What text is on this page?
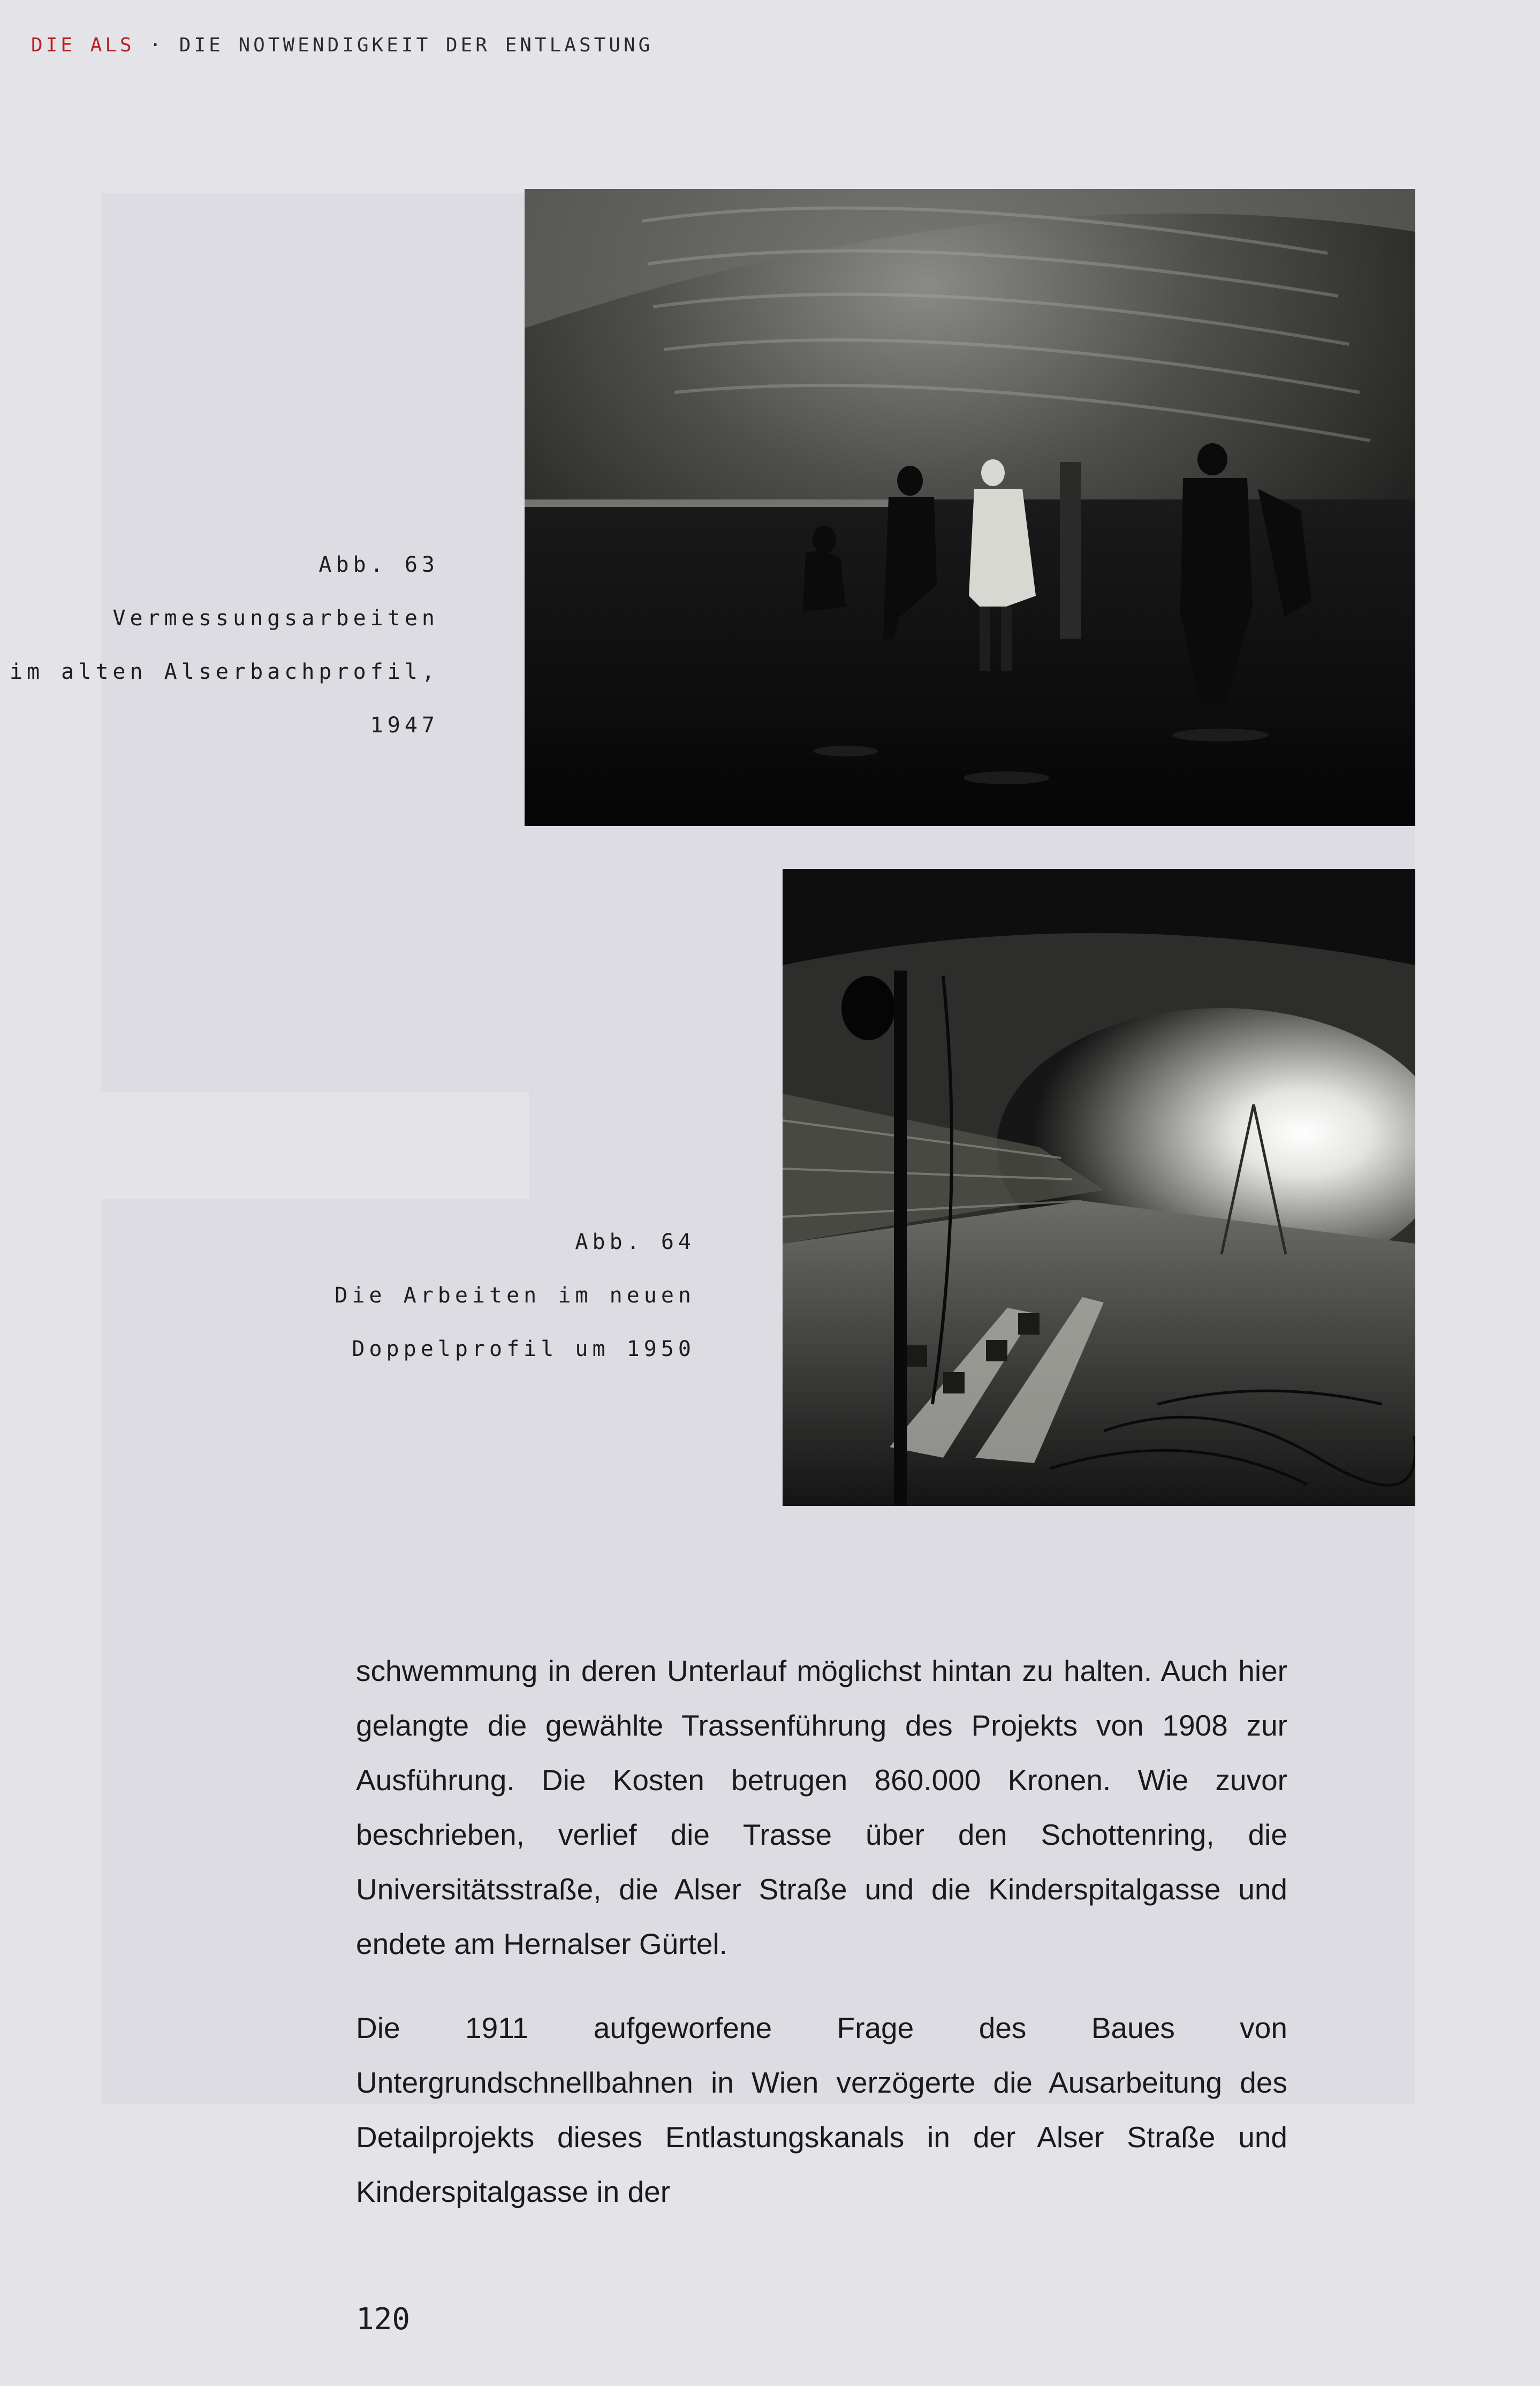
DIE ALS · DIE NOTWENDIGKEIT DER ENTLASTUNG
Abb. 63
Vermessungsarbeiten
im alten Alserbachprofil,
1947
Abb. 64
Die Arbeiten im neuen
Doppelprofil um 1950

schwemmung in deren Unterlauf möglichst hintan zu halten. Auch hier gelangte die gewählte Trassenführung des Projekts von 1908 zur Ausführung. Die Kosten betrugen 860.000 Kronen. Wie zuvor beschrieben, verlief die Trasse über den Schottenring, die Universitätsstraße, die Alser Straße und die Kinderspitalgasse und endete am Hernalser Gürtel.

Die 1911 aufgeworfene Frage des Baues von Untergrundschnellbahnen in Wien verzögerte die Ausarbeitung des Detailprojekts dieses Entlastungskanals in der Alser Straße und Kinderspitalgasse in der

120
